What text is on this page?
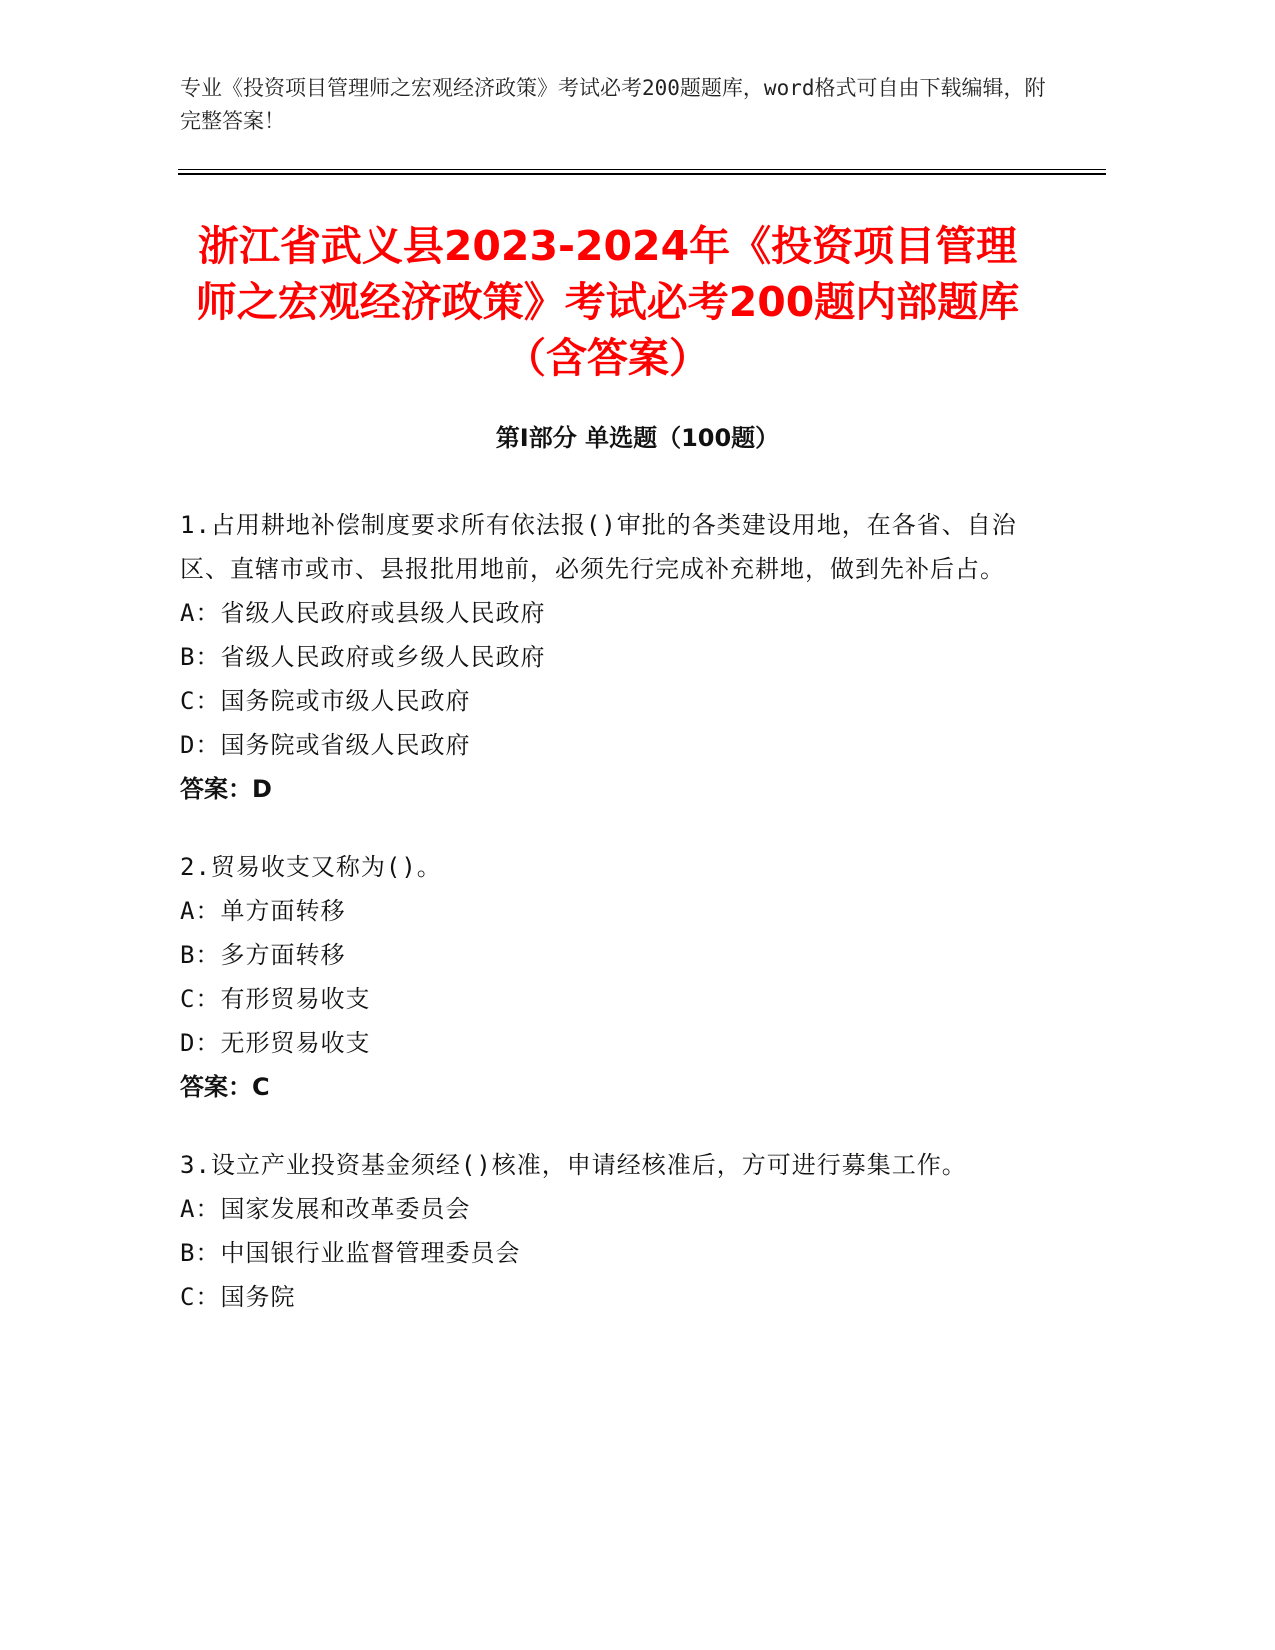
专业《投资项目管理师之宏观经济政策》考试必考200题题库，word格式可自由下载编辑，附完整答案！
浙江省武义县2023-2024年《投资项目管理师之宏观经济政策》考试必考200题内部题库（含答案）
第I部分 单选题（100题）
1.占用耕地补偿制度要求所有依法报()审批的各类建设用地，在各省、自治区、直辖市或市、县报批用地前，必须先行完成补充耕地，做到先补后占。
A：省级人民政府或县级人民政府
B：省级人民政府或乡级人民政府
C：国务院或市级人民政府
D：国务院或省级人民政府
答案：D
2.贸易收支又称为()。
A：单方面转移
B：多方面转移
C：有形贸易收支
D：无形贸易收支
答案：C
3.设立产业投资基金须经()核准，申请经核准后，方可进行募集工作。
A：国家发展和改革委员会
B：中国银行业监督管理委员会
C：国务院
